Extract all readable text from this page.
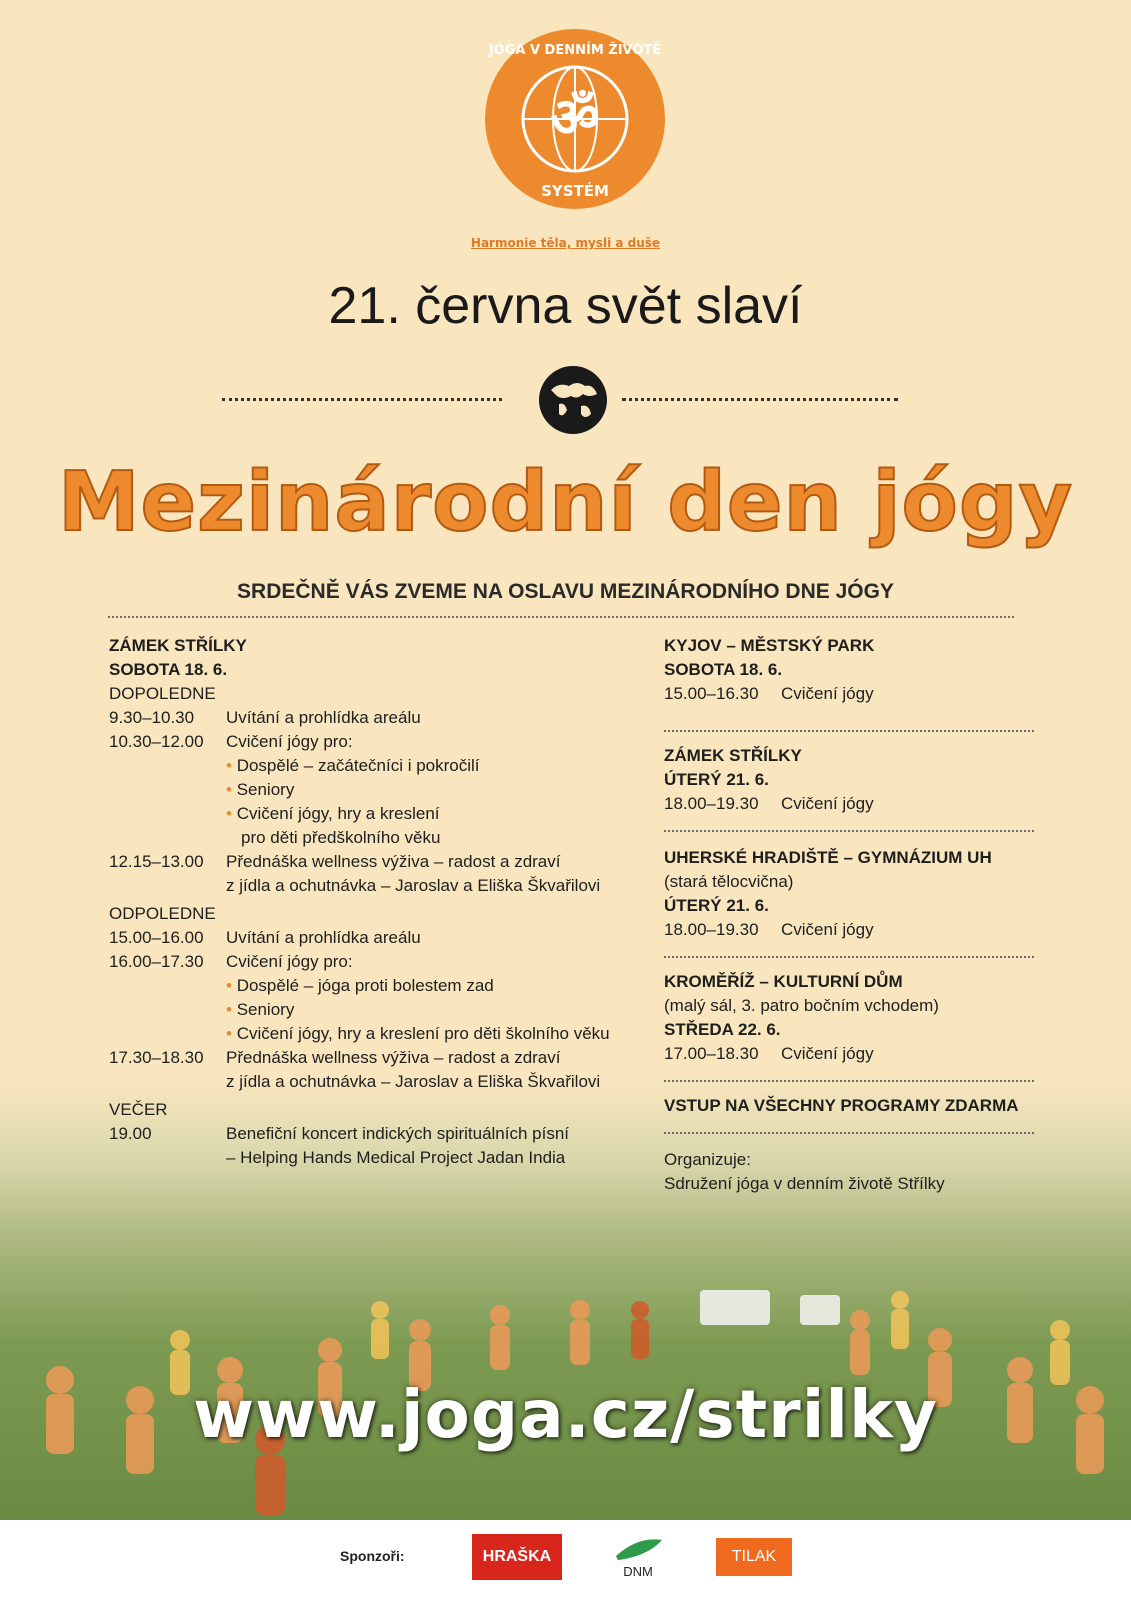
ॐ
JÓGA V DENNÍM ŽIVOTĚ
SYSTÉM
Harmonie těla, mysli a duše
21. června svět slaví
Mezinárodní den jógy
SRDEČNĚ VÁS ZVEME NA OSLAVU MEZINÁRODNÍHO DNE JÓGY
ZÁMEK STŘÍLKY
SOBOTA 18. 6.
DOPOLEDNE
9.30–10.30 Uvítání a prohlídka areálu
10.30–12.00 Cvičení jógy pro:
• Dospělé – začátečníci i pokročilí
• Seniory
• Cvičení jógy, hry a kreslení
pro děti předškolního věku
12.15–13.00 Přednáška wellness výživa – radost a zdraví
z jídla a ochutnávka – Jaroslav a Eliška Škvařilovi
ODPOLEDNE
15.00–16.00 Uvítání a prohlídka areálu
16.00–17.30 Cvičení jógy pro:
• Dospělé – jóga proti bolestem zad
• Seniory
• Cvičení jógy, hry a kreslení pro děti školního věku
17.30–18.30 Přednáška wellness výživa – radost a zdraví
z jídla a ochutnávka – Jaroslav a Eliška Škvařilovi
VEČER
19.00	Benefiční koncert indických spirituálních písní
– Helping Hands Medical Project Jadan India
KYJOV – MĚSTSKÝ PARK
SOBOTA 18. 6.
15.00–16.30 Cvičení jógy
ZÁMEK STŘÍLKY
ÚTERÝ 21. 6.
18.00–19.30 Cvičení jógy
UHERSKÉ HRADIŠTĚ – GYMNÁZIUM UH
(stará tělocvična)
ÚTERÝ 21. 6.
18.00–19.30 Cvičení jógy
KROMĚŘÍŽ – KULTURNÍ DŮM
(malý sál, 3. patro bočním vchodem)
STŘEDA 22. 6.
17.00–18.30 Cvičení jógy
VSTUP NA VŠECHNY PROGRAMY ZDARMA
Organizuje:
Sdružení jóga v denním životě Střílky
www.joga.cz/strilky
Sponzoři:	HRAŠKA
DNM
TILAK
